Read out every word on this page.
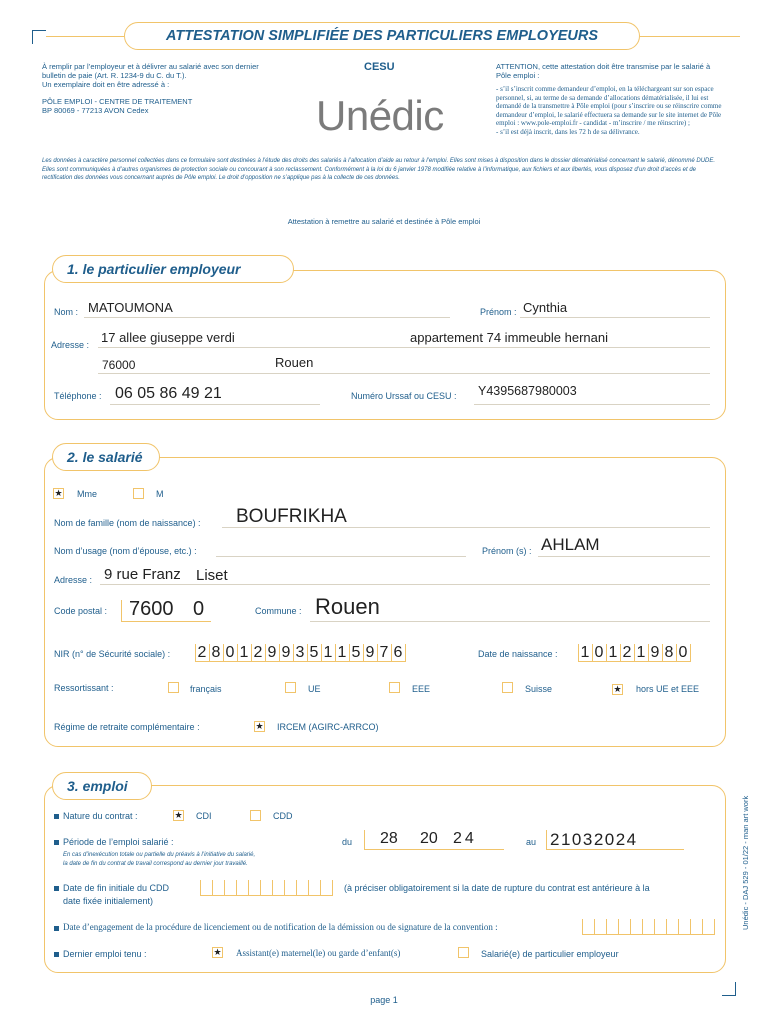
ATTESTATION SIMPLIFIÉE DES PARTICULIERS EMPLOYEURS
À remplir par l’employeur et à délivrer au salarié avec son dernier bulletin de paie (Art. R. 1234-9 du C. du T.).
Un exemplaire doit en être adressé à :
PÔLE EMPLOI - CENTRE DE TRAITEMENT
BP 80069 - 77213 AVON Cedex
CESU
Unédic
ATTENTION, cette attestation doit être transmise par le salarié à Pôle emploi :
- s’il s’inscrit comme demandeur d’emploi, en la téléchargeant sur son espace personnel, si, au terme de sa demande d’allocations dématérialisée, il lui est demandé de la transmettre à Pôle emploi (pour s’inscrire ou se réinscrire comme demandeur d’emploi, le salarié effectuera sa demande sur le site internet de Pôle emploi : www.pole-emploi.fr - candidat - m’inscrire / me réinscrire) ;
- s’il est déjà inscrit, dans les 72 h de sa délivrance.
Les données à caractère personnel collectées dans ce formulaire sont destinées à l’étude des droits des salariés à l’allocation d’aide au retour à l’emploi. Elles sont mises à disposition dans le dossier dématérialisé concernant le salarié, dénommé DUDE. Elles sont communiquées à d’autres organismes de protection sociale ou concourant à son reclassement. Conformément à la loi du 6 janvier 1978 modifiée relative à l’informatique, aux fichiers et aux libertés, vous disposez d’un droit d’accès et de rectification des données vous concernant auprès de Pôle emploi. Le droit d’opposition ne s’applique pas à la collecte de ces données.
Attestation à remettre au salarié et destinée à Pôle emploi
1. le particulier employeur
Nom : MATOUMONA	Prénom : Cynthia
Adresse : 17 allee giuseppe verdi	appartement 74 immeuble hernani
76000	Rouen
Téléphone : 06 05 86 49 21	Numéro Urssaf ou CESU : Y4395687980003
2. le salarié
★ Mme	M
Nom de famille (nom de naissance) : BOUFRIKHA
Nom d’usage (nom d’épouse, etc.) :	Prénom (s) : AHLAM
Adresse : 9 rue Franz Liset
Code postal : 7600 0	Commune : Rouen
NIR (n° de Sécurité sociale) : 2 8 0 1 2 9 9 3 5 1 1 5 9 7 6	Date de naissance : 1 0 1 2 1 9 8 0
Ressortissant :	français	UE	EEE	Suisse	★ hors UE et EEE
Régime de retraite complémentaire :	★ IRCEM (AGIRC-ARRCO)
3. emploi
Nature du contrat :	★ CDI	CDD
Période de l’emploi salarié :
En cas d’inexécution totale ou partielle du préavis à l’initiative du salarié,
la date de fin du contrat de travail correspond au dernier jour travaillé.
du 28 20 24	au 21032024
Date de fin initiale du CDD
date fixée initialement)
(à préciser obligatoirement si la date de rupture du contrat est antérieure à la
Date d’engagement de la procédure de licenciement ou de notification de la démission ou de signature de la convention :
Dernier emploi tenu :	★ Assistant(e) maternel(le) ou garde d’enfant(s)	Salarié(e) de particulier employeur
page 1
Unédic - DAJ 529 - 01/22 - man art work
